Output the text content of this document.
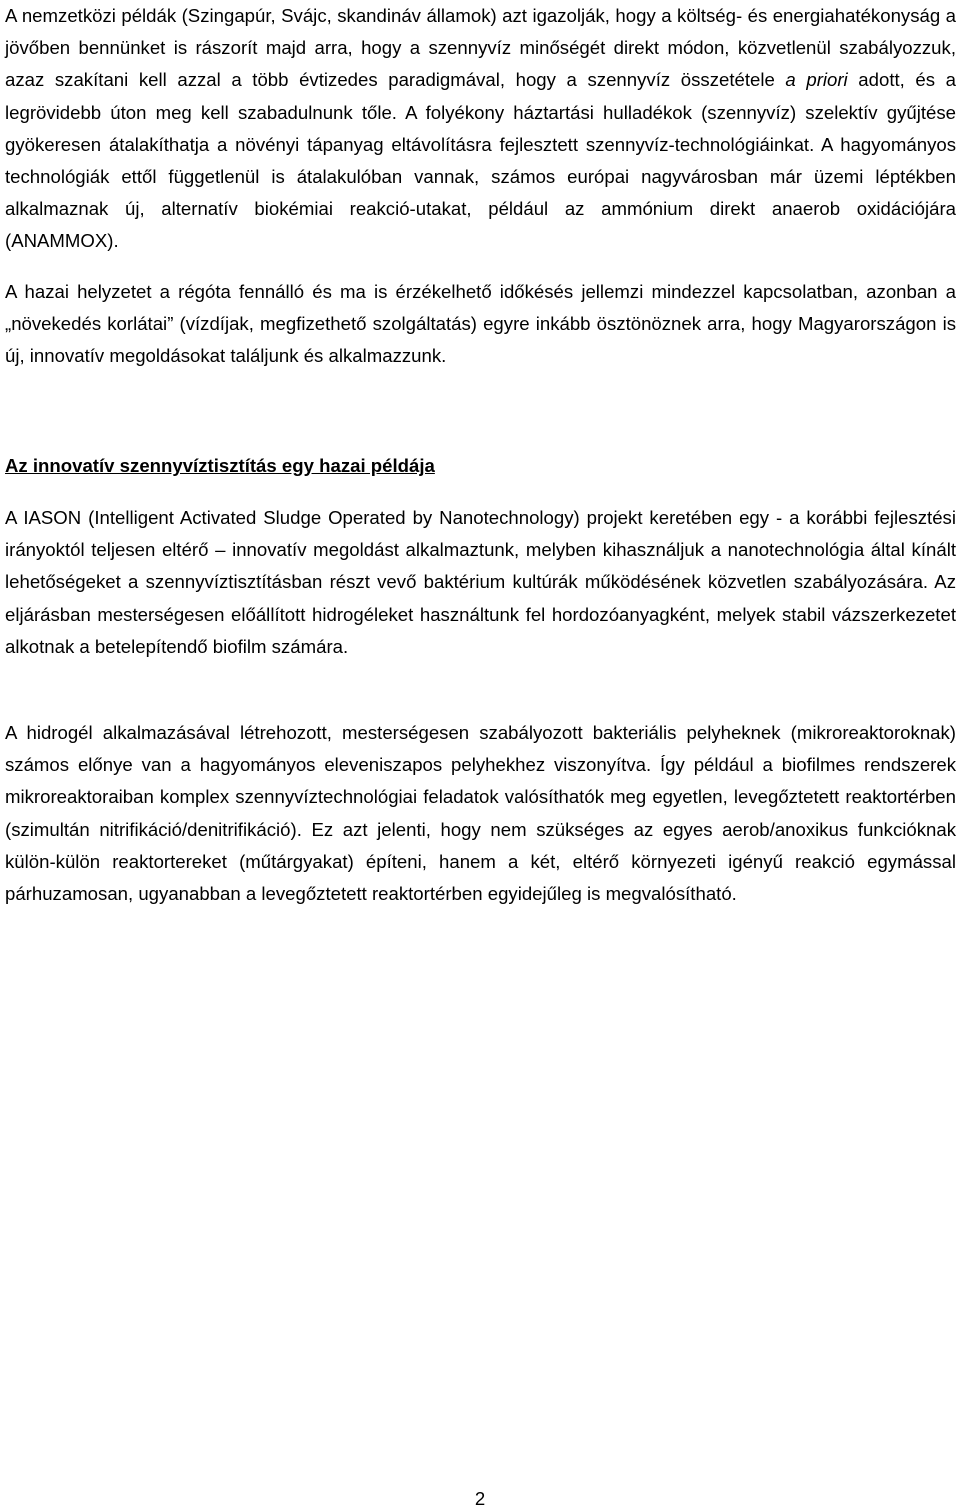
A nemzetközi példák (Szingapúr, Svájc, skandináv államok) azt igazolják, hogy a költség- és energiahatékonyság a jövőben bennünket is rászorít majd arra, hogy a szennyvíz minőségét direkt módon, közvetlenül szabályozzuk, azaz szakítani kell azzal a több évtizedes paradigmával, hogy a szennyvíz összetétele a priori adott, és a legrövidebb úton meg kell szabadulnunk tőle. A folyékony háztartási hulladékok (szennyvíz) szelektív gyűjtése gyökeresen átalakíthatja a növényi tápanyag eltávolításra fejlesztett szennyvíz-technológiáinkat. A hagyományos technológiák ettől függetlenül is átalakulóban vannak, számos európai nagyvárosban már üzemi léptékben alkalmaznak új, alternatív biokémiai reakció-utakat, például az ammónium direkt anaerob oxidációjára (ANAMMOX).

A hazai helyzetet a régóta fennálló és ma is érzékelhető időkésés jellemzi mindezzel kapcsolatban, azonban a „növekedés korlátai” (vízdíjak, megfizethető szolgáltatás) egyre inkább ösztönöznek arra, hogy Magyarországon is új, innovatív megoldásokat találjunk és alkalmazzunk.

Az innovatív szennyvíztisztítás egy hazai példája

A IASON (Intelligent Activated Sludge Operated by Nanotechnology) projekt keretében egy - a korábbi fejlesztési irányoktól teljesen eltérő – innovatív megoldást alkalmaztunk, melyben kihasználjuk a nanotechnológia által kínált lehetőségeket a szennyvíztisztításban részt vevő baktérium kultúrák működésének közvetlen szabályozására. Az eljárásban mesterségesen előállított hidrogéleket használtunk fel hordozóanyagként, melyek stabil vázszerkezetet alkotnak a betelepítendő biofilm számára.

A hidrogél alkalmazásával létrehozott, mesterségesen szabályozott bakteriális pelyheknek (mikroreaktoroknak) számos előnye van a hagyományos eleveniszapos pelyhekhez viszonyítva. Így például a biofilmes rendszerek mikroreaktoraiban komplex szennyvíztechnológiai feladatok valósíthatók meg egyetlen, levegőztetett reaktortérben (szimultán nitrifikáció/denitrifikáció). Ez azt jelenti, hogy nem szükséges az egyes aerob/anoxikus funkcióknak külön-külön reaktortereket (műtárgyakat) építeni, hanem a két, eltérő környezeti igényű reakció egymással párhuzamosan, ugyanabban a levegőztetett reaktortérben egyidejűleg is megvalósítható.

2
